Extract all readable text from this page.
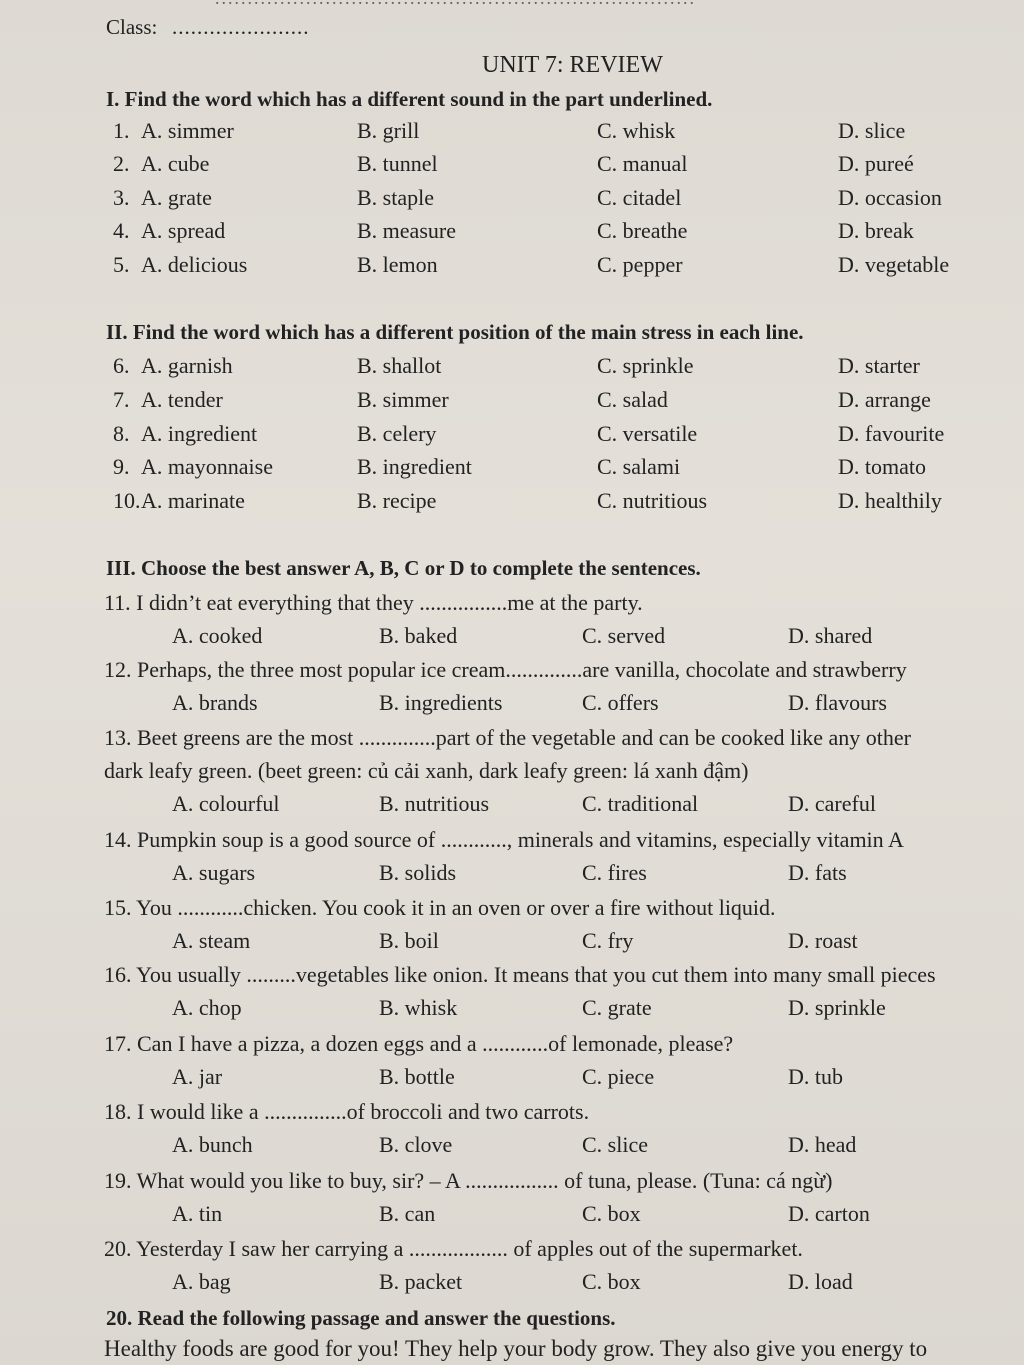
Class: ......................
UNIT 7: REVIEW
I. Find the word which has a different sound in the part underlined.
1. A. simmer	B. grill	C. whisk	D. slice
2. A. cube	B. tunnel	C. manual	D. pureé
3. A. grate	B. staple	C. citadel	D. occasion
4. A. spread	B. measure	C. breathe	D. break
5. A. delicious	B. lemon	C. pepper	D. vegetable
II. Find the word which has a different position of the main stress in each line.
6. A. garnish	B. shallot	C. sprinkle	D. starter
7. A. tender	B. simmer	C. salad	D. arrange
8. A. ingredient	B. celery	C. versatile	D. favourite
9. A. mayonnaise	B. ingredient	C. salami	D. tomato
10. A. marinate	B. recipe	C. nutritious	D. healthily
III. Choose the best answer A, B, C or D to complete the sentences.
11. I didn’t eat everything that they ................me at the party.
A. cooked	B. baked	C. served	D. shared
12. Perhaps, the three most popular ice cream..............are vanilla, chocolate and strawberry
A. brands	B. ingredients	C. offers	D. flavours
13. Beet greens are the most ..............part of the vegetable and can be cooked like any other
dark leafy green. (beet green: củ cải xanh, dark leafy green: lá xanh đậm)
A. colourful	B. nutritious	C. traditional	D. careful
14. Pumpkin soup is a good source of ............, minerals and vitamins, especially vitamin A
A. sugars	B. solids	C. fires	D. fats
15. You ............chicken. You cook it in an oven or over a fire without liquid.
A. steam	B. boil	C. fry	D. roast
16. You usually .........vegetables like onion. It means that you cut them into many small pieces
A. chop	B. whisk	C. grate	D. sprinkle
17. Can I have a pizza, a dozen eggs and a ............of lemonade, please?
A. jar	B. bottle	C. piece	D. tub
18. I would like a ...............of broccoli and two carrots.
A. bunch	B. clove	C. slice	D. head
19. What would you like to buy, sir? – A ................. of tuna, please. (Tuna: cá ngừ)
A. tin	B. can	C. box	D. carton
20. Yesterday I saw her carrying a .................. of apples out of the supermarket.
A. bag	B. packet	C. box	D. load
20. Read the following passage and answer the questions.
Healthy foods are good for you! They help your body grow. They also give you energy to
